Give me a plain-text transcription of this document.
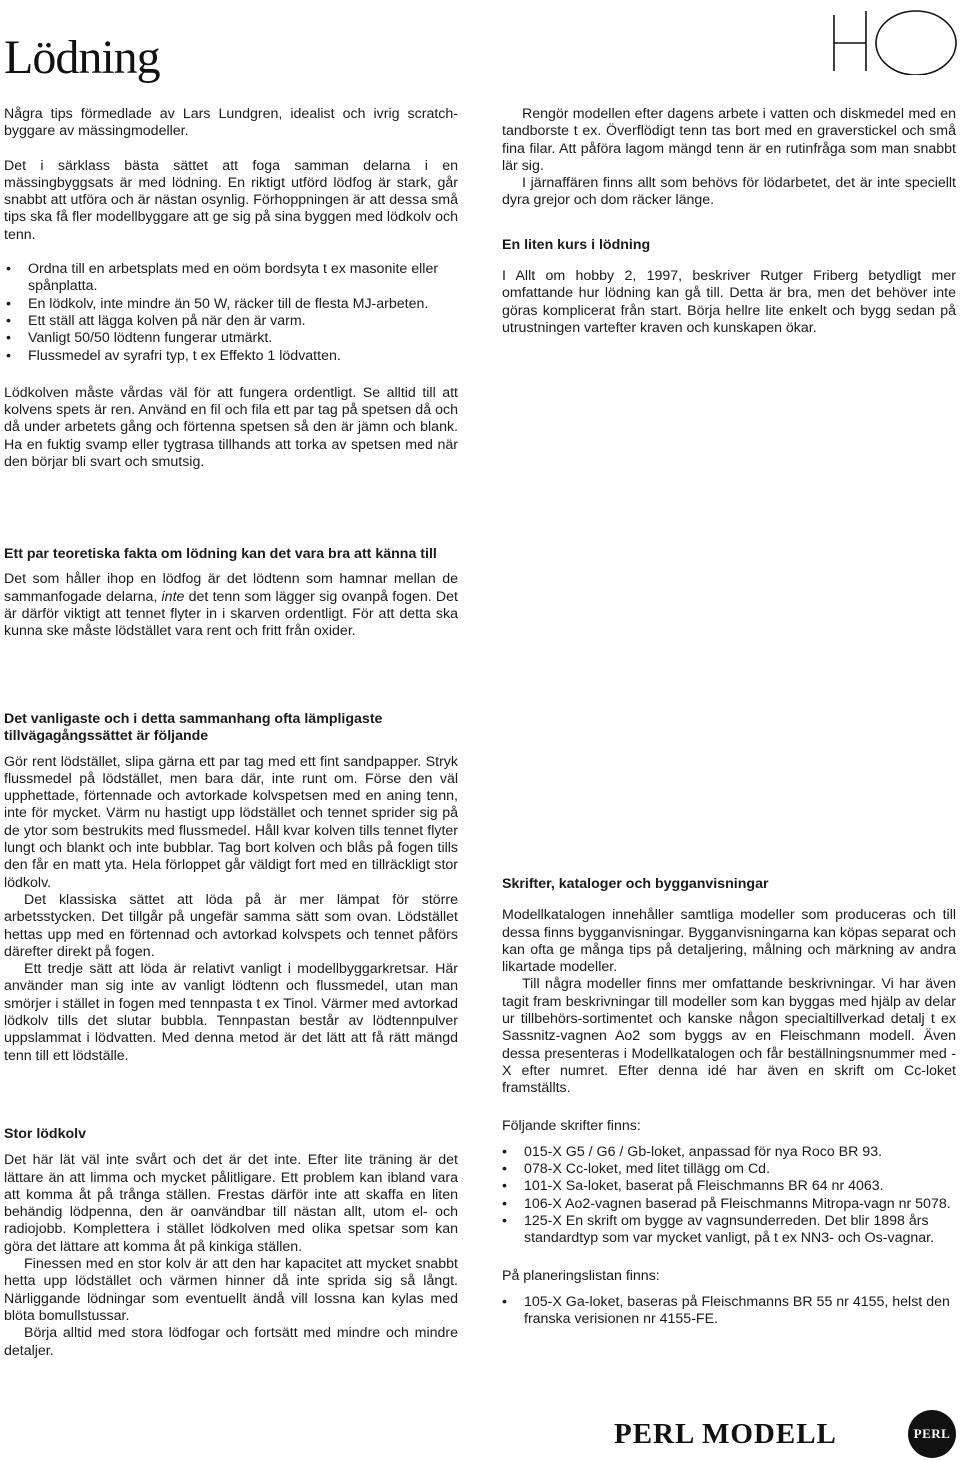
Lödning

Några tips förmedlade av Lars Lundgren, idealist och ivrig scratch-byggare av mässingmodeller.

Det i särklass bästa sättet att foga samman delarna i en mässingbyggsats är med lödning. En riktigt utförd lödfog är stark, går snabbt att utföra och är nästan osynlig. Förhoppningen är att dessa små tips ska få fler modellbyggare att ge sig på sina byggen med lödkolv och tenn.

• Ordna till en arbetsplats med en oöm bordsyta t ex masonite eller spånplatta.
• En lödkolv, inte mindre än 50 W, räcker till de flesta MJ-arbeten.
• Ett ställ att lägga kolven på när den är varm.
• Vanligt 50/50 lödtenn fungerar utmärkt.
• Flussmedel av syrafri typ, t ex Effekto 1 lödvatten.

Lödkolven måste vårdas väl för att fungera ordentligt. Se alltid till att kolvens spets är ren. Använd en fil och fila ett par tag på spetsen då och då under arbetets gång och förtenna spetsen så den är jämn och blank. Ha en fuktig svamp eller tygtrasa tillhands att torka av spetsen med när den börjar bli svart och smutsig.

Ett par teoretiska fakta om lödning kan det vara bra att känna till

Det som håller ihop en lödfog är det lödtenn som hamnar mellan de sammanfogade delarna, inte det tenn som lägger sig ovanpå fogen. Det är därför viktigt att tennet flyter in i skarven ordentligt. För att detta ska kunna ske måste lödstället vara rent och fritt från oxider.

Det vanligaste och i detta sammanhang ofta lämpligaste tillvägagångssättet är följande

Gör rent lödstället, slipa gärna ett par tag med ett fint sandpapper. Stryk flussmedel på lödstället, men bara där, inte runt om. Förse den väl upphettade, förtennade och avtorkade kolvspetsen med en aning tenn, inte för mycket. Värm nu hastigt upp lödstället och tennet sprider sig på de ytor som bestrukits med flussmedel. Håll kvar kolven tills tennet flyter lungt och blankt och inte bubblar. Tag bort kolven och blås på fogen tills den får en matt yta. Hela förloppet går väldigt fort med en tillräckligt stor lödkolv.

Det klassiska sättet att löda på är mer lämpat för större arbetsstycken. Det tillgår på ungefär samma sätt som ovan. Lödstället hettas upp med en förtennad och avtorkad kolvspets och tennet påförs därefter direkt på fogen.

Ett tredje sätt att löda är relativt vanligt i modellbyggarkretsar. Här använder man sig inte av vanligt lödtenn och flussmedel, utan man smörjer i stället in fogen med tennpasta t ex Tinol. Värmer med avtorkad lödkolv tills det slutar bubbla. Tennpastan består av lödtennpulver uppslammat i lödvatten. Med denna metod är det lätt att få rätt mängd tenn till ett lödställe.

Stor lödkolv

Det här lät väl inte svårt och det är det inte. Efter lite träning är det lättare än att limma och mycket pålitligare. Ett problem kan ibland vara att komma åt på trånga ställen. Frestas därför inte att skaffa en liten behändig lödpenna, den är oanvändbar till nästan allt, utom el- och radiojobb. Komplettera i stället lödkolven med olika spetsar som kan göra det lättare att komma åt på kinkiga ställen.

Finessen med en stor kolv är att den har kapacitet att mycket snabbt hetta upp lödstället och värmen hinner då inte sprida sig så långt. Närliggande lödningar som eventuellt ändå vill lossna kan kylas med blöta bomullstussar.

Börja alltid med stora lödfogar och fortsätt med mindre och mindre detaljer.

Rengör modellen efter dagens arbete i vatten och diskmedel med en tandborste t ex. Överflödigt tenn tas bort med en graverstickel och små fina filar. Att påföra lagom mängd tenn är en rutinfråga som man snabbt lär sig.

I järnaffären finns allt som behövs för lödarbetet, det är inte speciellt dyra grejor och dom räcker länge.

En liten kurs i lödning

I Allt om hobby 2, 1997, beskriver Rutger Friberg betydligt mer omfattande hur lödning kan gå till. Detta är bra, men det behöver inte göras komplicerat från start. Börja hellre lite enkelt och bygg sedan på utrustningen vartefter kraven och kunskapen ökar.

Skrifter, kataloger och bygganvisningar

Modellkatalogen innehåller samtliga modeller som produceras och till dessa finns bygganvisningar. Bygganvisningarna kan köpas separat och kan ofta ge många tips på detaljering, målning och märkning av andra likartade modeller.

Till några modeller finns mer omfattande beskrivningar. Vi har även tagit fram beskrivningar till modeller som kan byggas med hjälp av delar ur tillbehörs-sortimentet och kanske någon specialtillverkad detalj t ex Sassnitz-vagnen Ao2 som byggs av en Fleischmann modell. Även dessa presenteras i Modellkatalogen och får beställningsnummer med -X efter numret. Efter denna idé har även en skrift om Cc-loket framställts.

Följande skrifter finns:

• 015-X G5 / G6 / Gb-loket, anpassad för nya Roco BR 93.
• 078-X Cc-loket, med litet tillägg om Cd.
• 101-X Sa-loket, baserat på Fleischmanns BR 64 nr 4063.
• 106-X Ao2-vagnen baserad på Fleischmanns Mitropa-vagn nr 5078.
• 125-X En skrift om bygge av vagnsunderreden. Det blir 1898 års standardtyp som var mycket vanligt, på t ex NN3- och Os-vagnar.

På planeringslistan finns:

• 105-X Ga-loket, baseras på Fleischmanns BR 55 nr 4155, helst den franska verisionen nr 4155-FE.
PERL MODELL	PERL
